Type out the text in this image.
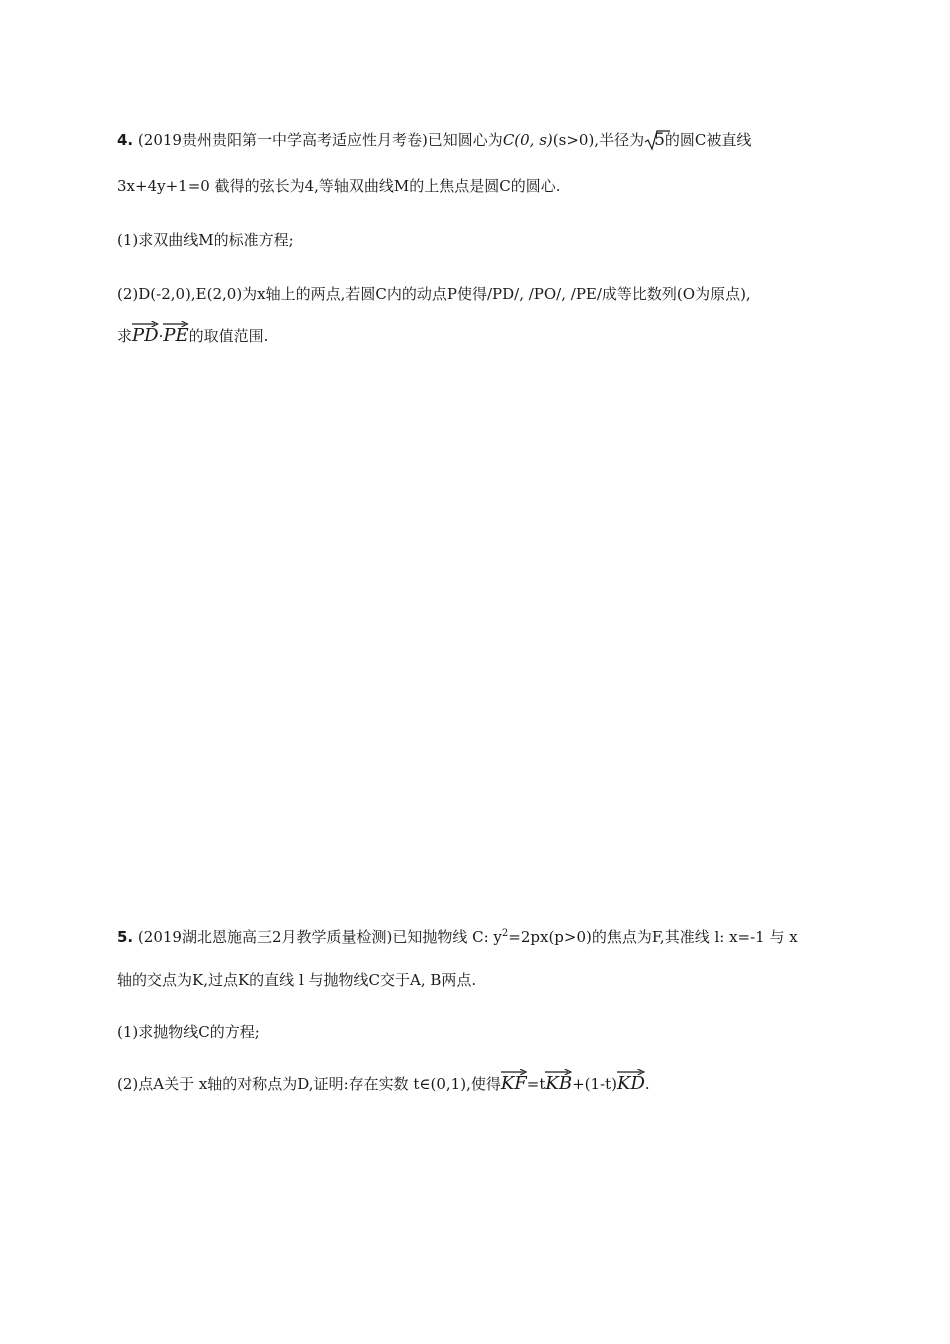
4. (2019贵州贵阳第一中学高考适应性月考卷)已知圆心为C(0, s)(s>0),半径为 5的圆C被直线
3x+4y+1=0 截得的弦长为4,等轴双曲线M的上焦点是圆C的圆心.
(1)求双曲线M的标准方程;
(2)D(-2,0),E(2,0)为x轴上的两点,若圆C内的动点P使得/PD/, /PO/, /PE/成等比数列(O为原点),
求
PD·
PE的取值范围.
5. (2019湖北恩施高三2月教学质量检测)已知抛物线 C: $y^2=2px(p>0)$的焦点为F,其准线 l: x=-1 与 x
轴的交点为K,过点K的直线 l 与抛物线C交于A, B两点.
(1)求抛物线C的方程;
(2)点A关于 x轴的对称点为D,证明:存在实数 t∈(0,1),使得
KF=t
KB+(1-t)
KD.
